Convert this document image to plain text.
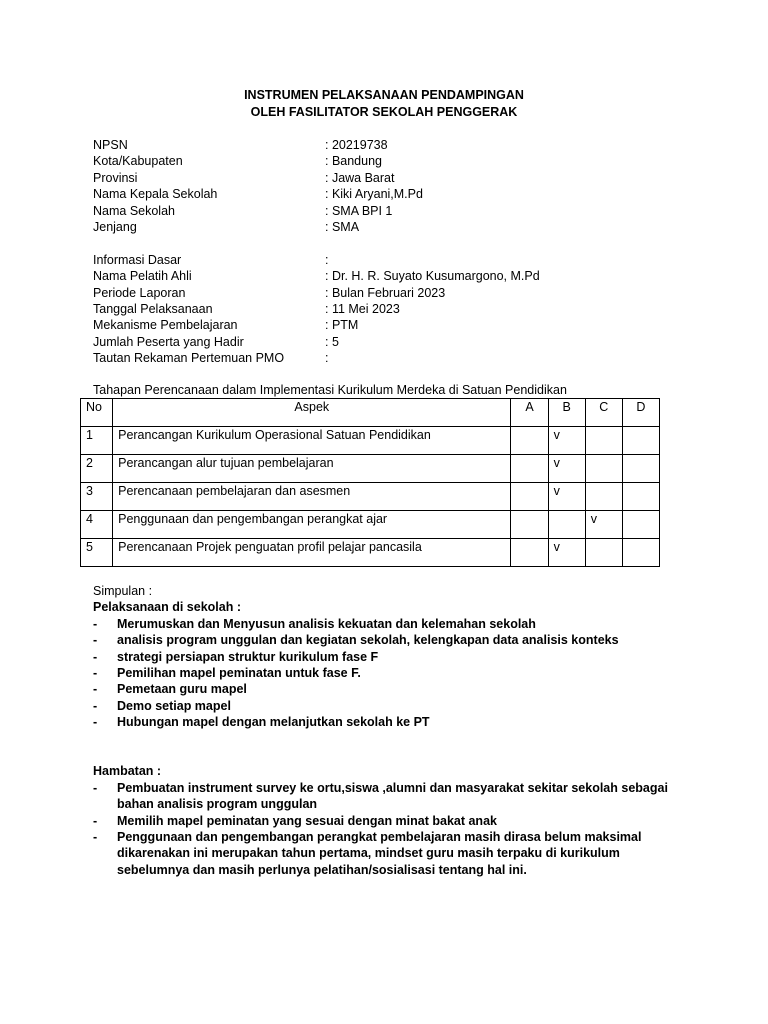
INSTRUMEN PELAKSANAAN PENDAMPINGAN
OLEH FASILITATOR SEKOLAH PENGGERAK
NPSN	: 20219738
Kota/Kabupaten	: Bandung
Provinsi	: Jawa Barat
Nama Kepala Sekolah	: Kiki Aryani,M.Pd
Nama Sekolah	: SMA BPI 1
Jenjang	: SMA
Informasi Dasar	:
Nama Pelatih Ahli	: Dr. H. R. Suyato Kusumargono, M.Pd
Periode Laporan	: Bulan Februari 2023
Tanggal Pelaksanaan	: 11 Mei 2023
Mekanisme Pembelajaran	: PTM
Jumlah Peserta yang Hadir	: 5
Tautan Rekaman Pertemuan PMO	:
Tahapan Perencanaan dalam Implementasi Kurikulum Merdeka di Satuan Pendidikan
No	Aspek	A	B	C	D
1	Perancangan Kurikulum Operasional Satuan Pendidikan		v		
2	Perancangan alur tujuan pembelajaran		v		
3	Perencanaan pembelajaran dan asesmen		v		
4	Penggunaan dan pengembangan perangkat ajar			v	
5	Perencanaan Projek penguatan profil pelajar pancasila		v		
Simpulan :
Pelaksanaan di sekolah :
- Merumuskan dan Menyusun analisis kekuatan dan kelemahan sekolah
- analisis program unggulan dan kegiatan sekolah, kelengkapan data analisis konteks
- strategi persiapan struktur kurikulum fase F
- Pemilihan mapel peminatan untuk fase F.
- Pemetaan guru mapel
- Demo setiap mapel
- Hubungan mapel dengan melanjutkan sekolah ke PT
Hambatan :
- Pembuatan instrument survey ke ortu,siswa ,alumni dan masyarakat sekitar sekolah sebagai bahan analisis program unggulan
- Memilih mapel peminatan yang sesuai dengan minat bakat anak
- Penggunaan dan pengembangan perangkat pembelajaran masih dirasa belum maksimal dikarenakan ini merupakan tahun pertama, mindset guru masih terpaku di kurikulum sebelumnya dan masih perlunya pelatihan/sosialisasi tentang hal ini.
